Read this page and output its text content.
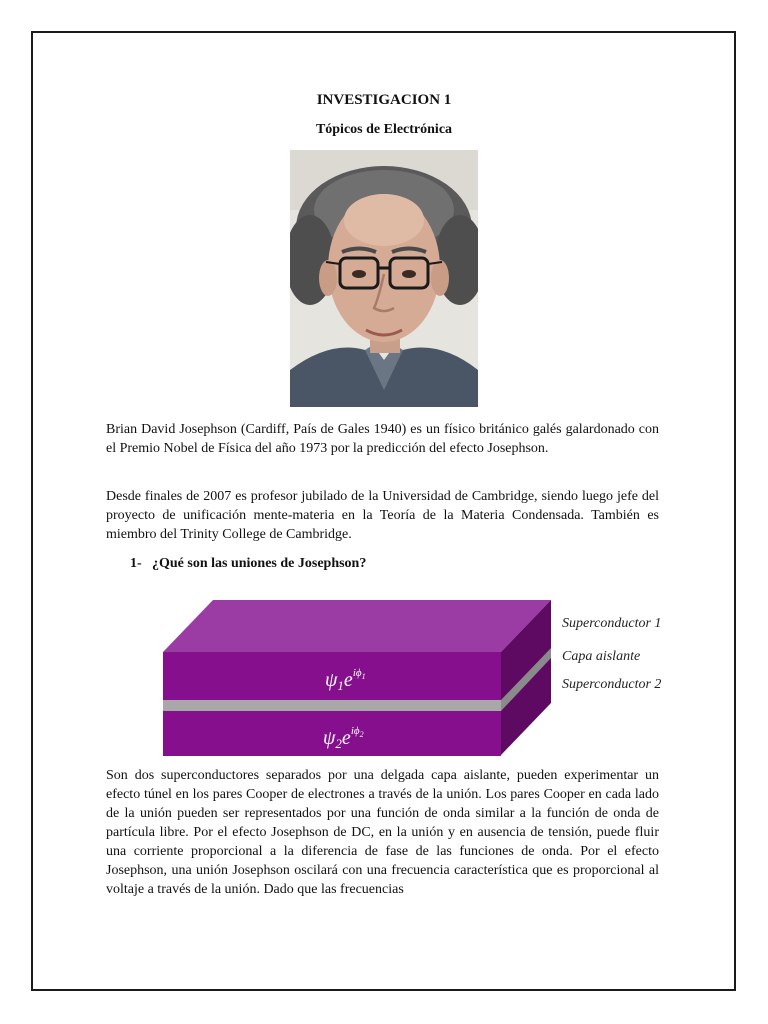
INVESTIGACION 1
Tópicos de Electrónica

Brian David Josephson (Cardiff, País de Gales 1940) es un físico británico galés galardonado con el Premio Nobel de Física del año 1973 por la predicción del efecto Josephson.

Desde finales de 2007 es profesor jubilado de la Universidad de Cambridge, siendo luego jefe del proyecto de unificación mente-materia en la Teoría de la Materia Condensada. También es miembro del Trinity College de Cambridge.

1- ¿Qué son las uniones de Josephson?
$\psi_1e^{i\phi}1$
$\psi_2e^{i\phi}2$
Superconductor 1
Capa aislante
Superconductor 2

Son dos superconductores separados por una delgada capa aislante, pueden experimentar un efecto túnel en los pares Cooper de electrones a través de la unión. Los pares Cooper en cada lado de la unión pueden ser representados por una función de onda similar a la función de onda de partícula libre. Por el efecto Josephson de DC, en la unión y en ausencia de tensión, puede fluir una corriente proporcional a la diferencia de fase de las funciones de onda. Por el efecto Josephson, una unión Josephson oscilará con una frecuencia característica que es proporcional al voltaje a través de la unión. Dado que las frecuencias
